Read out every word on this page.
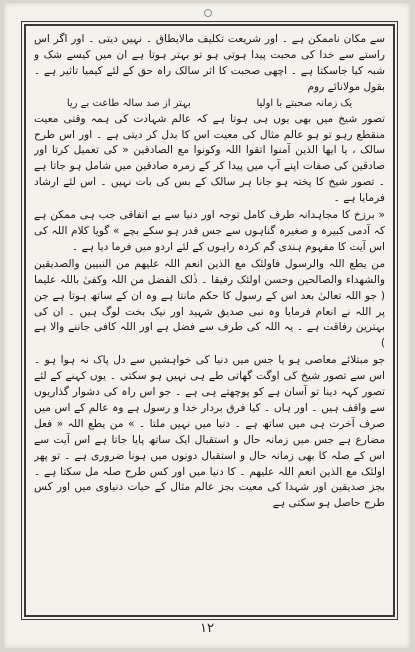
سے مکان ناممکن ہے ۔ اور شریعت تکلیف مالایطاق ۔ نہیں دیتی ۔ اور اگر اس راستے سے خدا کی محبت پیدا ہوتی ہو تو بہتر ہوتا ہے ان میں کیسے شک و شبہ کیا جاسکتا ہے ۔ اچھی صحبت کا اثر سالک راہ حق کے لئے کیمیا تاثیر ہے ۔ بقول مولانائے روم

یک زمانہ صحبتے با اولیا
بہتر از صد سالہ طاعت بے ریا

تصور شیخ میں بھی یوں ہی ہوتا ہے کہ عالم شہادت کی ہمہ وقتی معیت منقطع رہو تو ہو عالم مثال کی معیت اس کا بدل کر دیتی ہے ۔ اور اس طرح سالک ، یا ایھا الذین آمنوا اتقوا اللہ وکونوا مع الصادقین « کی تعمیل کرتا اور صادقین کی صفات اپنے آپ میں پیدا کر کے زمرہ صادقین میں شامل ہو جاتا ہے ۔ تصور شیخ کا پختہ ہو جانا ہر سالک کے بس کی بات نہیں ۔ اس لئے ارشاد فرمایا ہے ۔

« برزخ کا مجاہدانہ طرف کامل توجہ اور دنیا سے بے اتفاقی جب ہی ممکن ہے کہ آدمی کبیرہ و صغیرہ گناہوں سے جس قدر ہو سکے بچے » گویا کلام اللہ کی اس آیت کا مفہوم ہندی گم کردہ راہوں کے لئے اردو میں فرما دیا ہے ۔

من یطع اللہ والرسول فاولئک مع الذین انعم اللہ علیھم من النبیین والصدیقین والشھداء والصالحین وحسن اولئک رفیقا ۔ ذٰلک الفضل من اللہ وکفیٰ باللہ علیما ( جو اللہ تعالیٰ بعد اس کے رسول کا حکم مانتا ہے وہ ان کے ساتھ ہوتا ہے جن پر اللہ نے انعام فرمایا وہ نبی صدیق شہید اور نیک بخت لوگ ہیں ۔ ان کی بہترین رفاقت ہے ۔ یہ اللہ کی طرف سے فضل ہے اور اللہ کافی جاننے والا ہے )

جو مبتلائے معاصی ہو یا جس میں دنیا کی خواہشیں سے دل پاک نہ ہوا ہو ۔ اس سے تصور شیخ کی اوگت گھاتی طے ہی نہیں ہو سکتی ۔ یوں کہنے کے لئے تصور کہہ دینا تو آسان ہے کو پوچھتے ہی ہے ۔ جو اس راہ کی دشوار گذاریوں سے واقف ہیں ۔ اور ہاں ۔ کیا فرق بردار خدا و رسول ہے وہ عالم کے اس میں صرف آخرت ہی میں ساتھ ہے ۔ دنیا میں نہیں ملتا ۔ » من یطع اللہ « فعل مضارع ہے جس میں زمانہ حال و استقبال ایک ساتھ پایا جاتا ہے اس آیت سے اس کے صلہ کا بھی زمانہ حال و استقبال دونوں میں ہونا ضروری ہے ۔ تو پھر اولئک مع الذین انعم اللہ علیھم ۔ کا دنیا میں اور کس طرح صلہ مل سکتا ہے ۔ بجز صدیقین اور شہدا کی معیت بجز عالم مثال کے حیات دنیاوی میں اور کس طرح حاصل ہو سکتی ہے

۱۲
